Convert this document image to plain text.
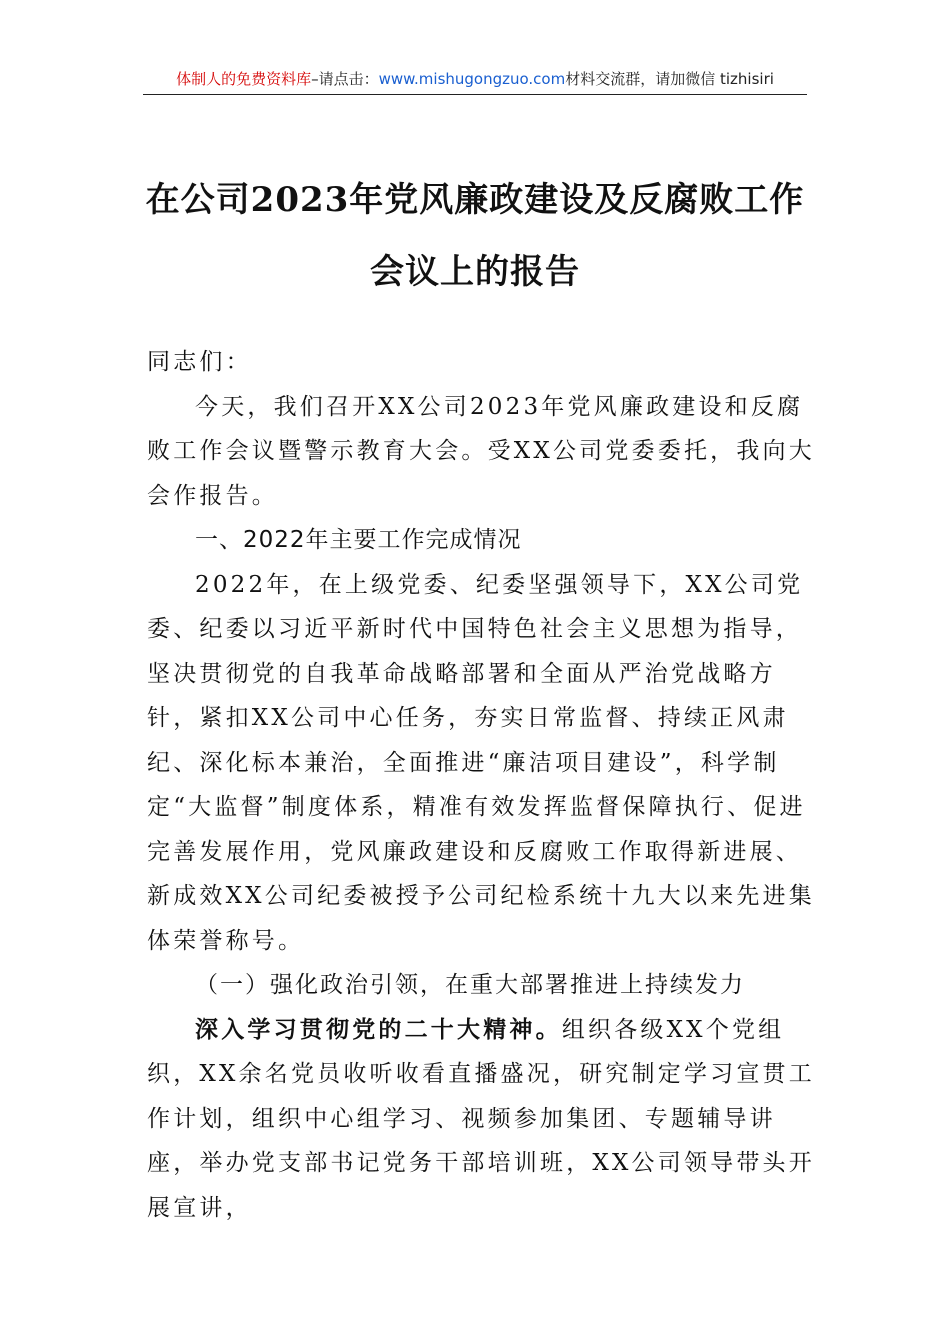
体制人的免费资料库–请点击：www.mishugongzuo.com材料交流群，请加微信 tizhisiri
在公司2023年党风廉政建设及反腐败工作
会议上的报告

同志们：

今天，我们召开XX公司2023年党风廉政建设和反腐败工作会议暨警示教育大会。受XX公司党委委托，我向大会作报告。

一、2022年主要工作完成情况

2022年，在上级党委、纪委坚强领导下，XX公司党委、纪委以习近平新时代中国特色社会主义思想为指导，坚决贯彻党的自我革命战略部署和全面从严治党战略方针，紧扣XX公司中心任务，夯实日常监督、持续正风肃纪、深化标本兼治，全面推进“廉洁项目建设”，科学制定“大监督”制度体系，精准有效发挥监督保障执行、促进完善发展作用，党风廉政建设和反腐败工作取得新进展、新成效XX公司纪委被授予公司纪检系统十九大以来先进集体荣誉称号。

（一）强化政治引领，在重大部署推进上持续发力

深入学习贯彻党的二十大精神。组织各级XX个党组织，XX余名党员收听收看直播盛况，研究制定学习宣贯工作计划，组织中心组学习、视频参加集团、专题辅导讲座，举办党支部书记党务干部培训班，XX公司领导带头开展宣讲，
